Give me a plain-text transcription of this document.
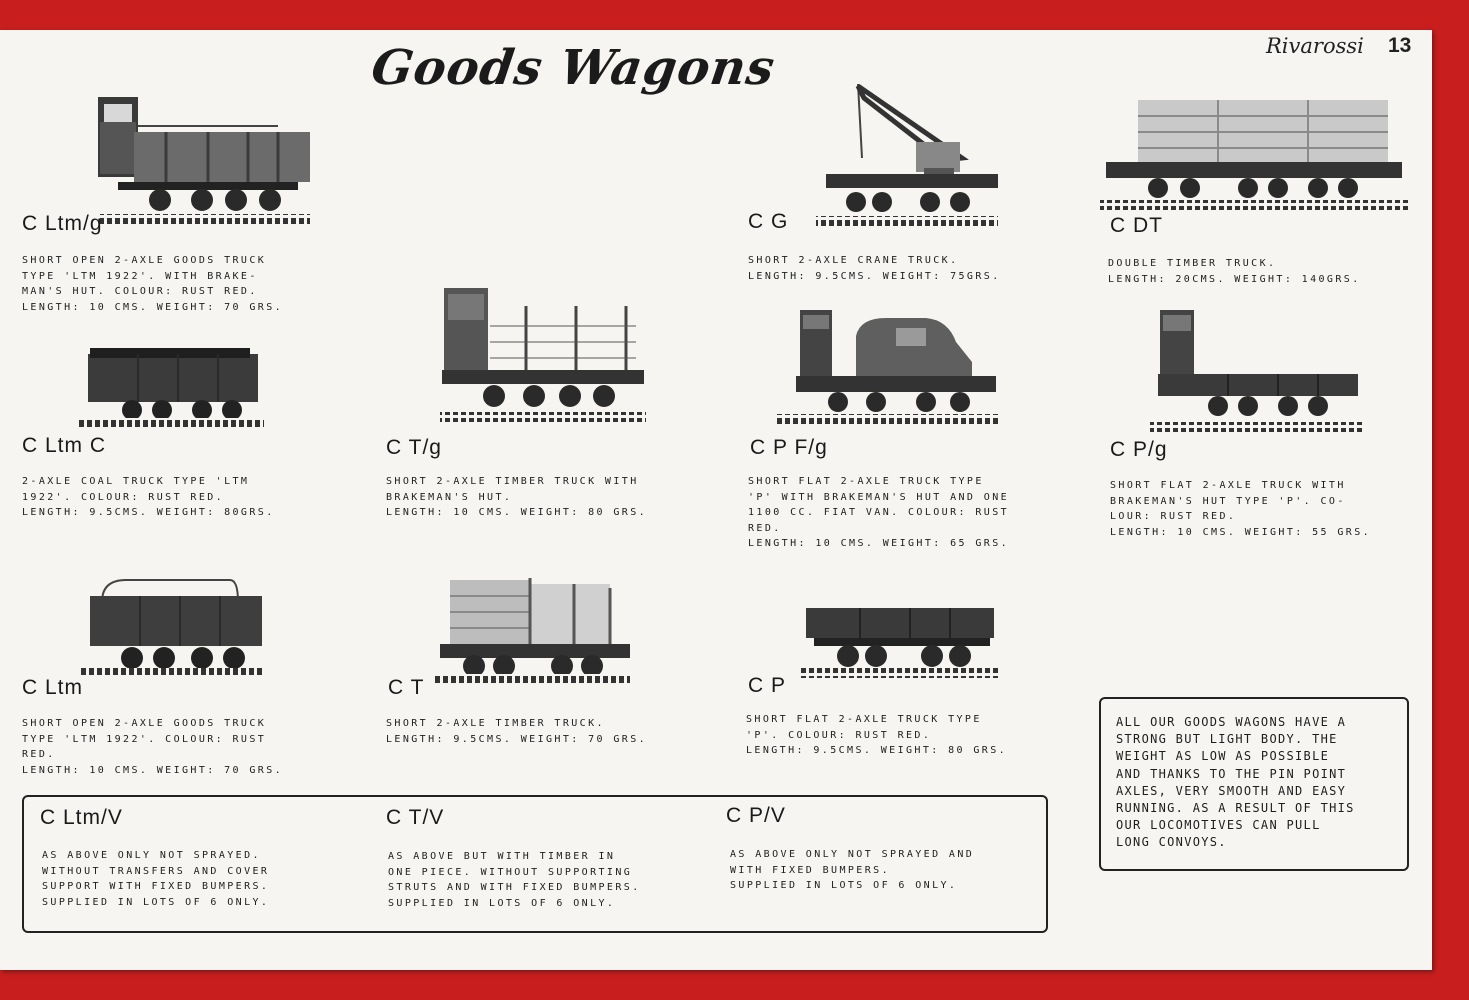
Goods Wagons	Rivarossi 13
C Ltm/g
SHORT OPEN 2-AXLE GOODS TRUCK
TYPE 'LTM 1922'. WITH BRAKE-
MAN'S HUT. COLOUR: RUST RED.
LENGTH: 10 CMS. WEIGHT: 70 GRS.
C G
SHORT 2-AXLE CRANE TRUCK.
LENGTH: 9.5CMS. WEIGHT: 75GRS.
C DT
DOUBLE TIMBER TRUCK.
LENGTH: 20CMS. WEIGHT: 140GRS.
C Ltm C
2-AXLE COAL TRUCK TYPE 'LTM
1922'. COLOUR: RUST RED.
LENGTH: 9.5CMS. WEIGHT: 80GRS.
C T/g
SHORT 2-AXLE TIMBER TRUCK WITH
BRAKEMAN'S HUT.
LENGTH: 10 CMS. WEIGHT: 80 GRS.
C P F/g
SHORT FLAT 2-AXLE TRUCK TYPE
'P' WITH BRAKEMAN'S HUT AND ONE
1100 CC. FIAT VAN. COLOUR: RUST
RED.
LENGTH: 10 CMS. WEIGHT: 65 GRS.
C P/g
SHORT FLAT 2-AXLE TRUCK WITH
BRAKEMAN'S HUT TYPE 'P'. CO-
LOUR: RUST RED.
LENGTH: 10 CMS. WEIGHT: 55 GRS.
C Ltm
SHORT OPEN 2-AXLE GOODS TRUCK
TYPE 'LTM 1922'. COLOUR: RUST
RED.
LENGTH: 10 CMS. WEIGHT: 70 GRS.
C T
SHORT 2-AXLE TIMBER TRUCK.
LENGTH: 9.5CMS. WEIGHT: 70 GRS.
C P
SHORT FLAT 2-AXLE TRUCK TYPE
'P'. COLOUR: RUST RED.
LENGTH: 9.5CMS. WEIGHT: 80 GRS.
C Ltm/V
AS ABOVE ONLY NOT SPRAYED.
WITHOUT TRANSFERS AND COVER
SUPPORT WITH FIXED BUMPERS.
SUPPLIED IN LOTS OF 6 ONLY.
C T/V
AS ABOVE BUT WITH TIMBER IN
ONE PIECE. WITHOUT SUPPORTING
STRUTS AND WITH FIXED BUMPERS.
SUPPLIED IN LOTS OF 6 ONLY.
C P/V
AS ABOVE ONLY NOT SPRAYED AND
WITH FIXED BUMPERS.
SUPPLIED IN LOTS OF 6 ONLY.
ALL OUR GOODS WAGONS HAVE A
STRONG BUT LIGHT BODY. THE
WEIGHT AS LOW AS POSSIBLE
AND THANKS TO THE PIN POINT
AXLES, VERY SMOOTH AND EASY
RUNNING. AS A RESULT OF THIS
OUR LOCOMOTIVES CAN PULL
LONG CONVOYS.
